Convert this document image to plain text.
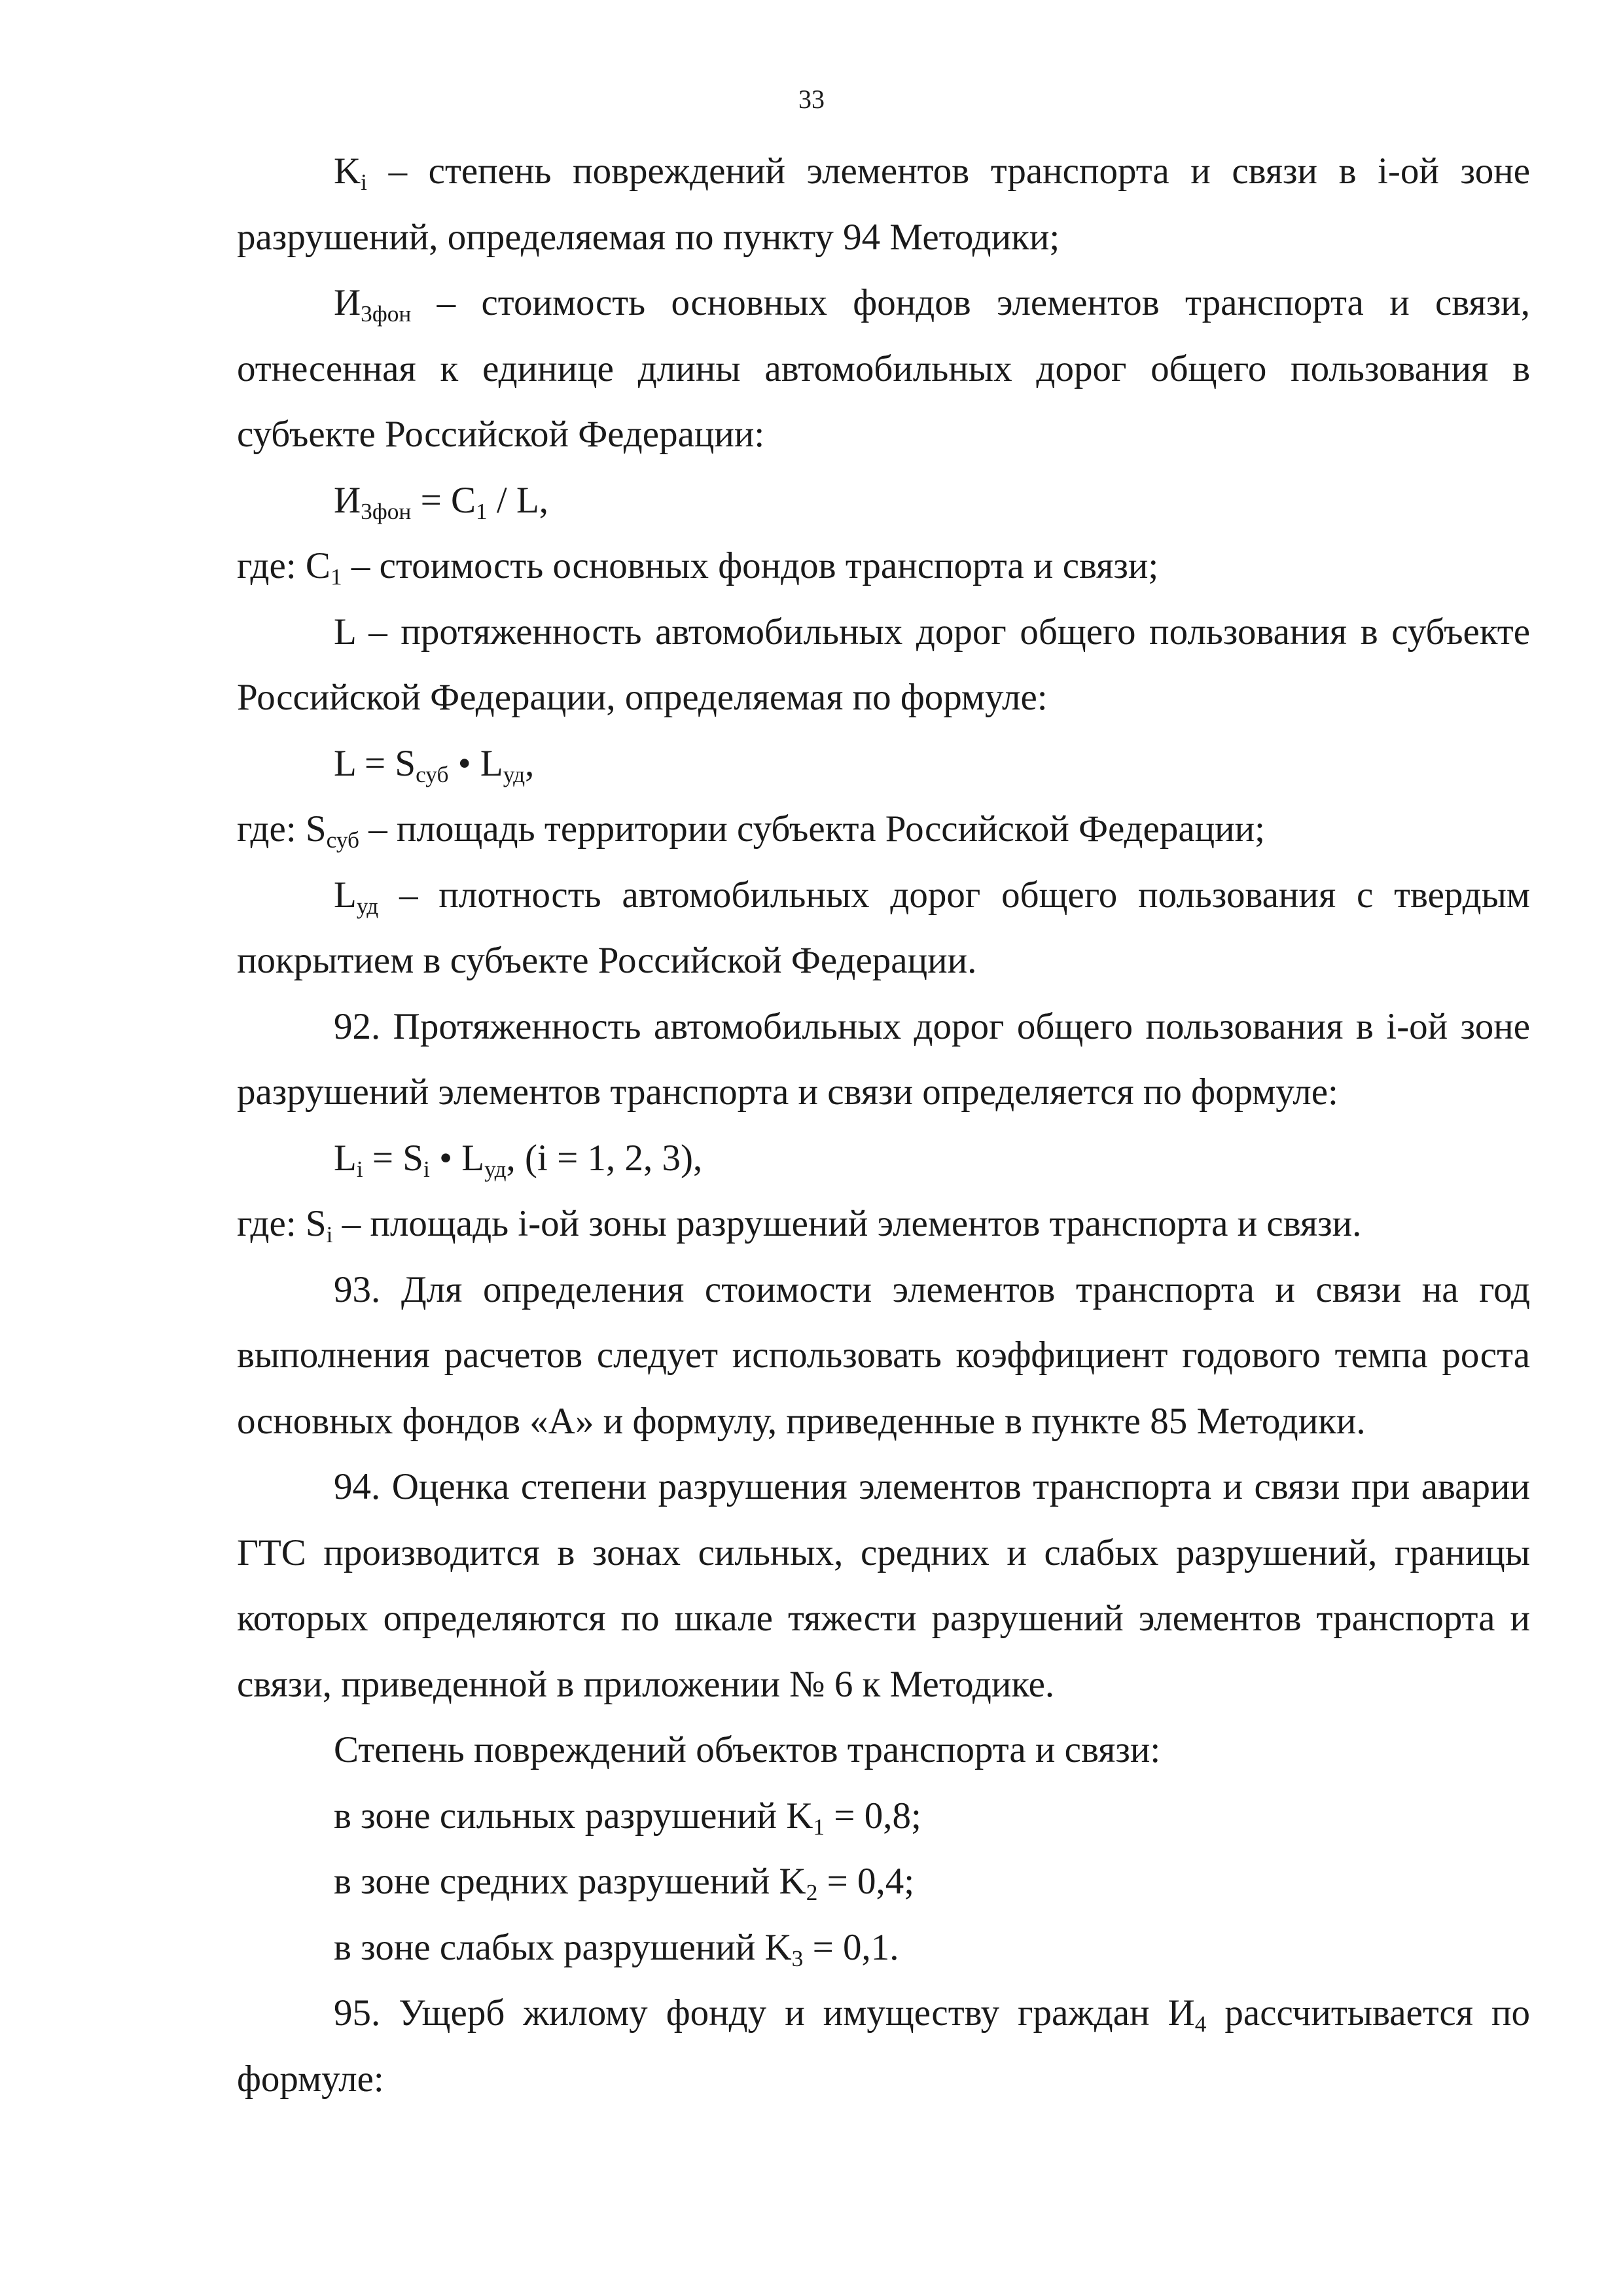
33

$K_i$ – степень повреждений элементов транспорта и связи в i-ой зоне разрушений, определяемая по пункту 94 Методики;

$И_{3фон}$ – стоимость основных фондов элементов транспорта и связи, отнесенная к единице длины автомобильных дорог общего пользования в субъекте Российской Федерации:

$И_{3фон} = C_1 / L$,

где: $C_1$ – стоимость основных фондов транспорта и связи;

L – протяженность автомобильных дорог общего пользования в субъекте Российской Федерации, определяемая по формуле:

$L = S_{суб}$ • $L_{уд}$,

где: $S_{суб}$ – площадь территории субъекта Российской Федерации;

$L_{уд}$ – плотность автомобильных дорог общего пользования с твердым покрытием в субъекте Российской Федерации.

92. Протяженность автомобильных дорог общего пользования в i-ой зоне разрушений элементов транспорта и связи определяется по формуле:

$L_i = S_i$ • $L_{уд}$, (i = 1, 2, 3),

где: $S_i$ – площадь i-ой зоны разрушений элементов транспорта и связи.

93. Для определения стоимости элементов транспорта и связи на год выполнения расчетов следует использовать коэффициент годового темпа роста основных фондов «А» и формулу, приведенные в пункте 85 Методики.

94. Оценка степени разрушения элементов транспорта и связи при аварии ГТС производится в зонах сильных, средних и слабых разрушений, границы которых определяются по шкале тяжести разрушений элементов транспорта и связи, приведенной в приложении № 6 к Методике.

Степень повреждений объектов транспорта и связи:

в зоне сильных разрушений $K_1 = 0,8$;

в зоне средних разрушений $K_2 = 0,4$;

в зоне слабых разрушений $K_3 = 0,1$.

95. Ущерб жилому фонду и имуществу граждан $И_4$ рассчитывается по формуле:
